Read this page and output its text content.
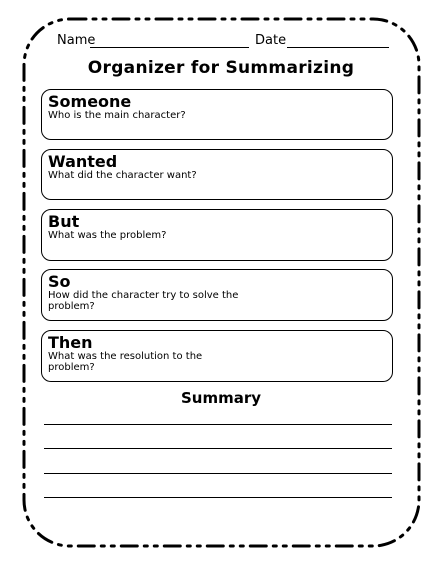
Name	Date
Organizer for Summarizing
Someone
Who is the main character?
Wanted
What did the character want?
But
What was the problem?
So
How did the character try to solve the problem?
Then
What was the resolution to the problem?
Summary
